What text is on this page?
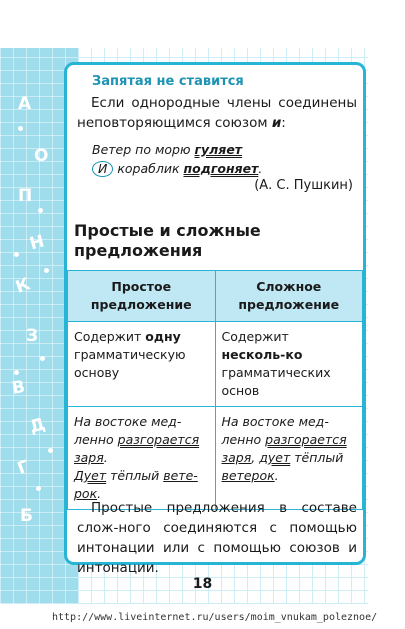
А
О
П
Н
К
З
В
Д
Г
Б
Запятая не ставится
Если однородные члены соединены неповторяющимся союзом и:
Ветер по морю гуляет
И кораблик подгоняет.
(А. С. Пушкин)
Простые и сложные предложения
Простое предложение	Сложное предложение
Содержит одну грамматическую основу	Содержит несколь-ко грамматических основ
На востоке мед-ленно разгорается заря.
Дует тёплый вете-рок.	На востоке мед-ленно разгорается заря, дует тёплый ветерок.
Простые предложения в составе слож-ного соединяются с помощью интонации или с помощью союзов и интонации.
18
http://www.liveinternet.ru/users/moim_vnukam_poleznoe/
